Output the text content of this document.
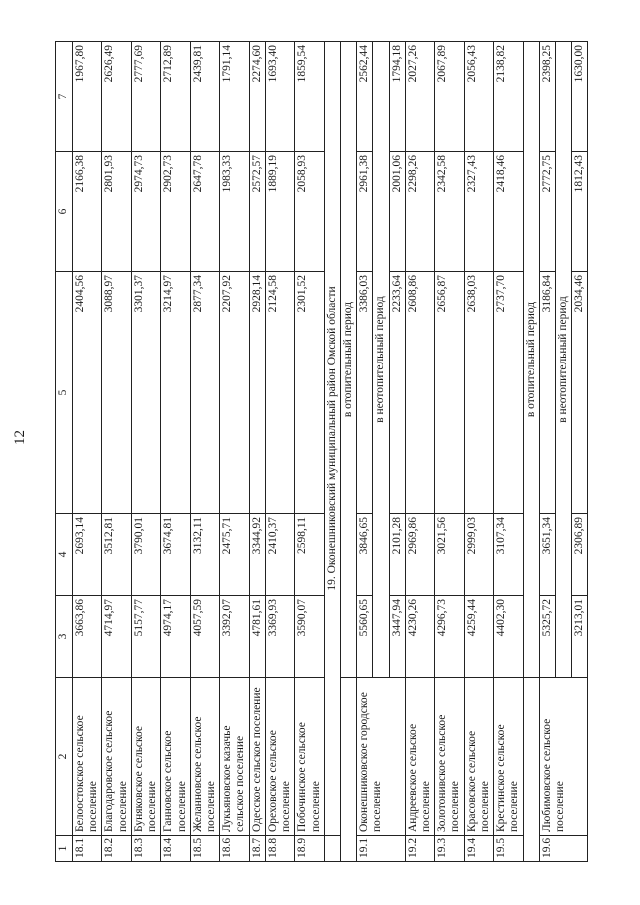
12
1	2	3	4	5	6	7
18.1	Белоостокское сельское поселение	3663,86	2693,14	2404,56	2166,38	1967,80
18.2	Благодаровское сельское поселение	4714,97	3512,81	3088,97	2801,93	2626,49
18.3	Буняковское сельское поселение	5157,77	3790,01	3301,37	2974,73	2777,69
18.4	Ганновское сельское поселение	4974,17	3674,81	3214,97	2902,73	2712,89
18.5	Желанновское сельское поселение	4057,59	3132,11	2877,34	2647,78	2439,81
18.6	Лукьяновское казачье сельское поселение	3392,07	2475,71	2207,92	1983,33	1791,14
18.7	Одесское сельское поселение	4781,61	3344,92	2928,14	2572,57	2274,60
18.8	Ореховское сельское поселение	3369,93	2410,37	2124,58	1889,19	1693,40
18.9	Побочинское сельское поселение	3590,07	2598,11	2301,52	2058,93	1859,54
	19. Оконешниковский муниципальный район Омской области					
		в отопительный период				
19.1	Оконешниковское городское поселение	5560,65	3846,65	3386,03	2961,38	2562,44
		в неотопительный период				
		3447,94	2101,28	2233,64	2001,06	1794,18
19.2	Андреевское сельское поселение	4230,26	2969,86	2608,86	2298,26	2027,26
19.3	Золотонивское сельское поселение	4296,73	3021,56	2656,87	2342,58	2067,89
19.4	Красовское сельское поселение	4259,44	2999,03	2638,03	2327,43	2056,43
19.5	Крестинское сельское поселение	4402,30	3107,34	2737,70	2418,46	2138,82
		в отопительный период				
19.6	Любимовское сельское поселение	5325,72	3651,34	3186,84	2772,75	2398,25
		в неотопительный период				
		3213,01	2306,89	2034,46	1812,43	1630,00
